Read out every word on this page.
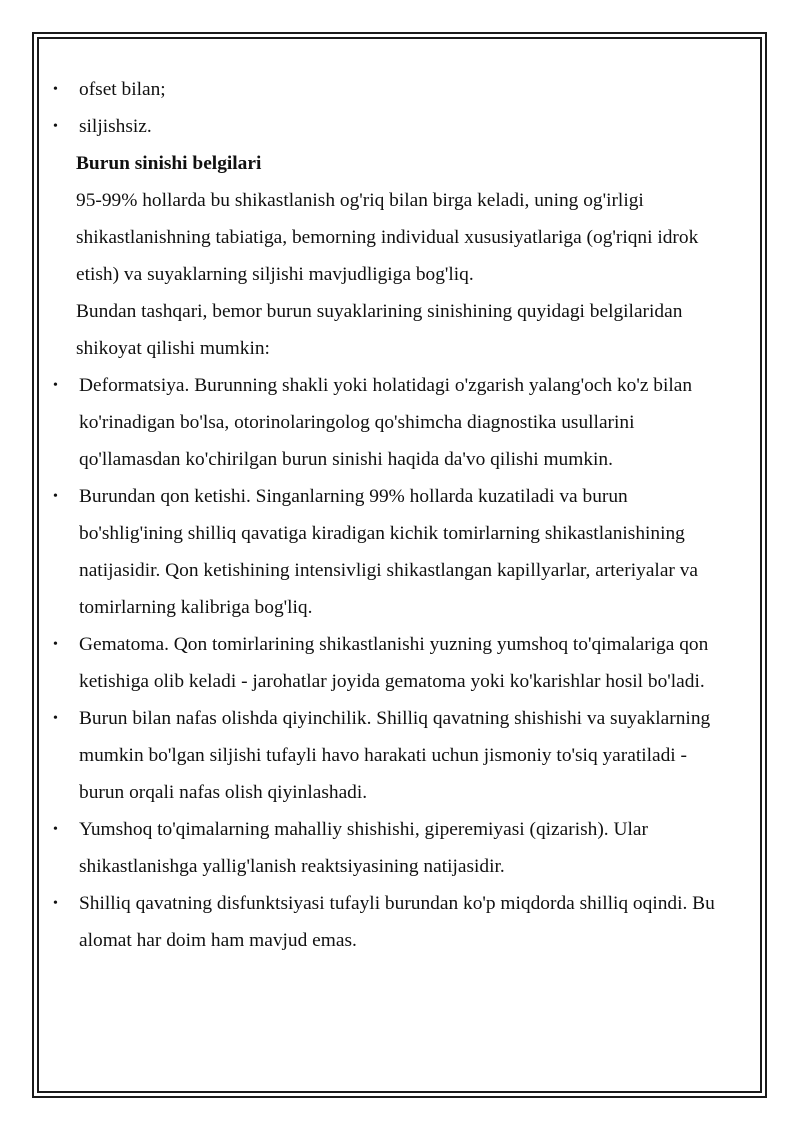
• ofset bilan;
• siljishsiz.
Burun sinishi belgilari
95-99% hollarda bu shikastlanish og'riq bilan birga keladi, uning og'irligi shikastlanishning tabiatiga, bemorning individual xususiyatlariga (og'riqni idrok etish) va suyaklarning siljishi mavjudligiga bog'liq.
Bundan tashqari, bemor burun suyaklarining sinishining quyidagi belgilaridan shikoyat qilishi mumkin:
• Deformatsiya. Burunning shakli yoki holatidagi o'zgarish yalang'och ko'z bilan ko'rinadigan bo'lsa, otorinolaringolog qo'shimcha diagnostika usullarini qo'llamasdan ko'chirilgan burun sinishi haqida da'vo qilishi mumkin.
• Burundan qon ketishi. Singanlarning 99% hollarda kuzatiladi va burun bo'shlig'ining shilliq qavatiga kiradigan kichik tomirlarning shikastlanishining natijasidir. Qon ketishining intensivligi shikastlangan kapillyarlar, arteriyalar va tomirlarning kalibriga bog'liq.
• Gematoma. Qon tomirlarining shikastlanishi yuzning yumshoq to'qimalariga qon ketishiga olib keladi - jarohatlar joyida gematoma yoki ko'karishlar hosil bo'ladi.
• Burun bilan nafas olishda qiyinchilik. Shilliq qavatning shishishi va suyaklarning mumkin bo'lgan siljishi tufayli havo harakati uchun jismoniy to'siq yaratiladi - burun orqali nafas olish qiyinlashadi.
• Yumshoq to'qimalarning mahalliy shishishi, giperemiyasi (qizarish). Ular shikastlanishga yallig'lanish reaktsiyasining natijasidir.
• Shilliq qavatning disfunktsiyasi tufayli burundan ko'p miqdorda shilliq oqindi. Bu alomat har doim ham mavjud emas.
